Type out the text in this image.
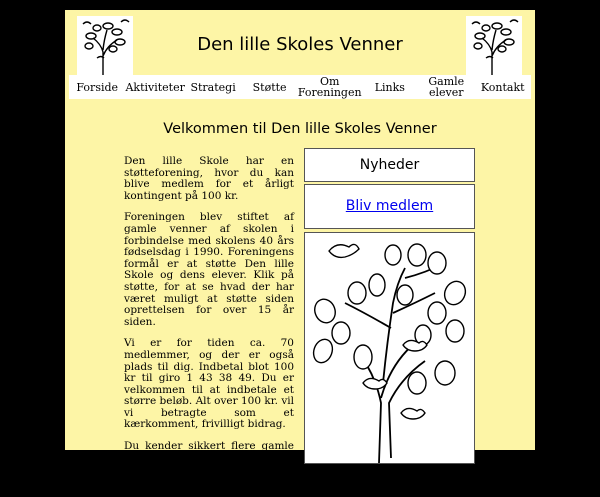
Den lille Skoles Venner
Forside Aktiviteter Strategi	Støtte	Om
Foreningen	Links	Gamle
elever	Kontakt
Velkommen til Den lille Skoles Venner

Den lille Skole har en støtteforening, hvor du kan blive medlem for et årligt kontingent på 100 kr.

Foreningen blev stiftet af gamle venner af skolen i forbindelse med skolens 40 års fødselsdag i 1990. Foreningens formål er at støtte Den lille Skole og dens elever. Klik på støtte, for at se hvad der har været muligt at støtte siden oprettelsen for over 15 år siden.

Vi er for tiden ca. 70 medlemmer, og der er også plads til dig. Indbetal blot 100 kr til giro 1 43 38 49. Du er velkommen til at indbetale et større beløb. Alt over 100 kr. vil vi betragte som et kærkomment, frivilligt bidrag.

Du kender sikkert flere gamle forældre eller gamle elever, som kunne tænkes at ville være medlem. Fortæl dem om denne

Nyheder
Bliv medlem
